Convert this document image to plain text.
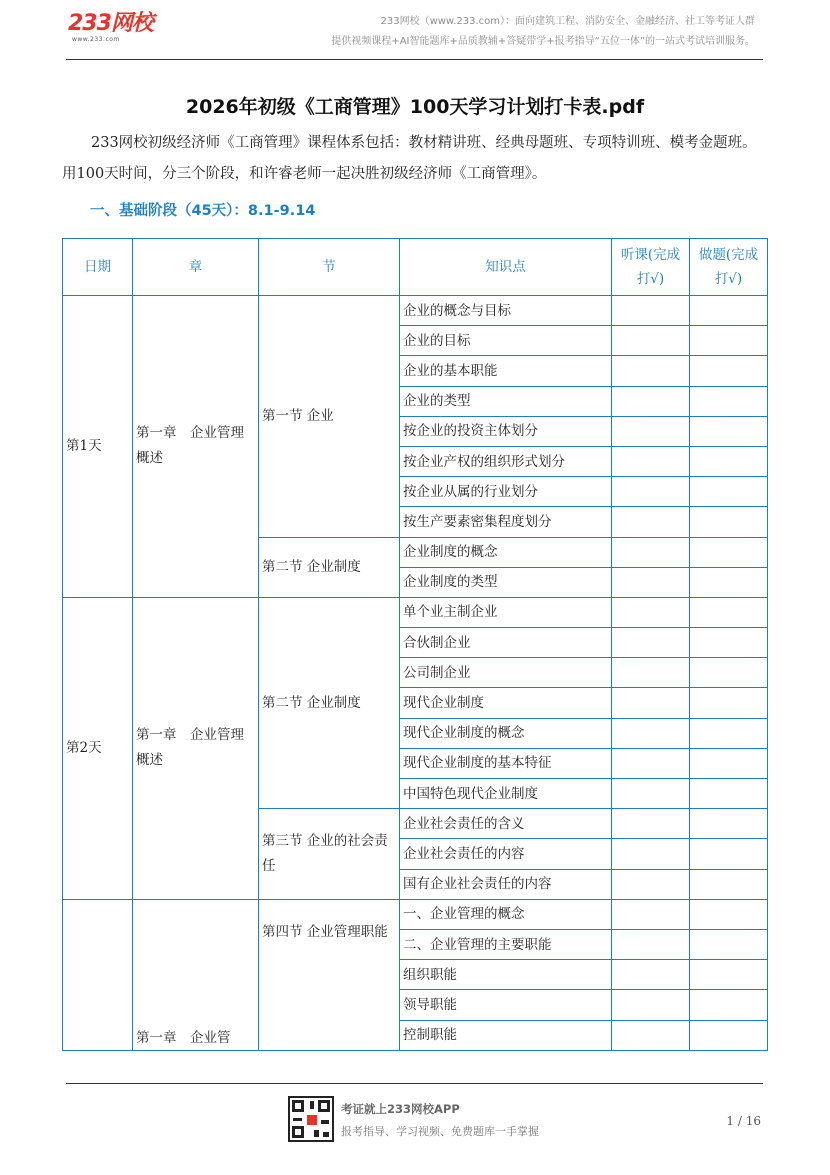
233网校
www.233.com
233网校（www.233.com）：面向建筑工程、消防安全、金融经济、社工等考证人群
提供视频课程+AI智能题库+品质教辅+答疑带学+报考指导“五位一体”的一站式考试培训服务。
2026年初级《工商管理》100天学习计划打卡表.pdf
233网校初级经济师《工商管理》课程体系包括：教材精讲班、经典母题班、专项特训班、模考金题班。用100天时间，分三个阶段，和许睿老师一起决胜初级经济师《工商管理》。
一、基础阶段（45天）：8.1-9.14
日期	章	节	知识点	听课(完成打√)	做题(完成打√)
第1天	第一章　企业管理概述	第一节 企业	企业的概念与目标		
			企业的目标		
			企业的基本职能		
			企业的类型		
			按企业的投资主体划分		
			按企业产权的组织形式划分		
			按企业从属的行业划分		
			按生产要素密集程度划分		
		第二节 企业制度	企业制度的概念		
			企业制度的类型		
第2天	第一章　企业管理概述	第二节 企业制度	单个业主制企业		
			合伙制企业		
			公司制企业		
			现代企业制度		
			现代企业制度的概念		
			现代企业制度的基本特征		
			中国特色现代企业制度		
		第三节 企业的社会责任	企业社会责任的含义		
			企业社会责任的内容		
			国有企业社会责任的内容		
	第一章　企业管	第四节 企业管理职能	一、企业管理的概念		
			二、企业管理的主要职能		
			组织职能		
			领导职能		
			控制职能		
考证就上233网校APP
报考指导、学习视频、免费题库一手掌握
1 / 16
